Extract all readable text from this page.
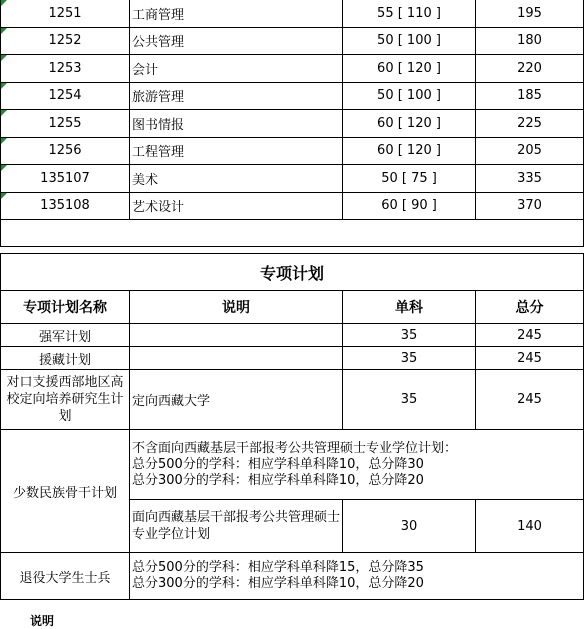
1251	工商管理	55 [ 110 ]	195

1252	公共管理	50 [ 100 ]	180

1253	会计	60 [ 120 ]	220

1254	旅游管理	50 [ 100 ]	185

1255	图书情报	60 [ 120 ]	225

1256	工程管理	60 [ 120 ]	205

135107	美术	50 [ 75 ]	335

135108	艺术设计	60 [ 90 ]	370

专项计划			
专项计划名称	说明	单科	总分
强军计划		35	245
援藏计划		35	245
对口支援西部地区高校定向培养研究生计划	定向西藏大学	35	245
少数民族骨干计划	不含面向西藏基层干部报考公共管理硕士专业学位计划：
总分500分的学科：相应学科单科降10，总分降30
总分300分的学科：相应学科单科降10，总分降20		
	面向西藏基层干部报考公共管理硕士专业学位计划	30	140
退役大学生士兵	总分500分的学科：相应学科单科降15，总分降35
总分300分的学科：相应学科单科降10，总分降20		
说明
